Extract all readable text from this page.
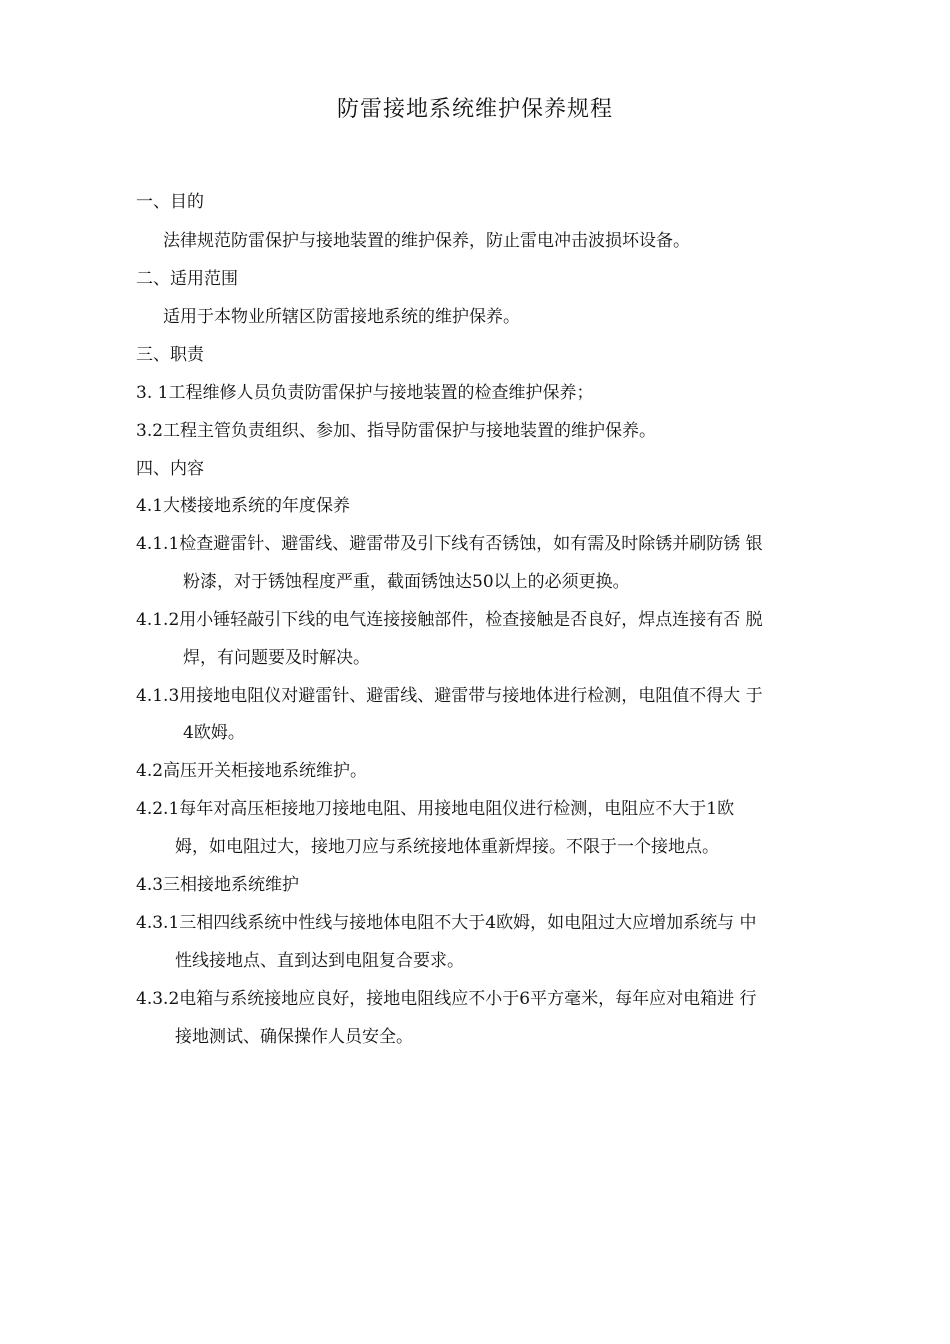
防雷接地系统维护保养规程
一、目的
法律规范防雷保护与接地装置的维护保养，防止雷电冲击波损坏设备。
二、适用范围
适用于本物业所辖区防雷接地系统的维护保养。
三、职责
3. 1工程维修人员负责防雷保护与接地装置的检查维护保养；
3.2工程主管负责组织、参加、指导防雷保护与接地装置的维护保养。
四、内容
4.1大楼接地系统的年度保养
4.1.1检查避雷针、避雷线、避雷带及引下线有否锈蚀，如有需及时除锈并刷防锈 银
粉漆，对于锈蚀程度严重，截面锈蚀达50以上的必须更换。
4.1.2用小锤轻敲引下线的电气连接接触部件，检查接触是否良好，焊点连接有否 脱
焊，有问题要及时解决。
4.1.3用接地电阻仪对避雷针、避雷线、避雷带与接地体进行检测，电阻值不得大 于
4欧姆。
4.2高压开关柜接地系统维护。
4.2.1每年对高压柜接地刀接地电阻、用接地电阻仪进行检测，电阻应不大于1欧
姆，如电阻过大，接地刀应与系统接地体重新焊接。不限于一个接地点。
4.3三相接地系统维护
4.3.1三相四线系统中性线与接地体电阻不大于4欧姆，如电阻过大应增加系统与 中
性线接地点、直到达到电阻复合要求。
4.3.2电箱与系统接地应良好，接地电阻线应不小于6平方毫米，每年应对电箱进 行
接地测试、确保操作人员安全。
